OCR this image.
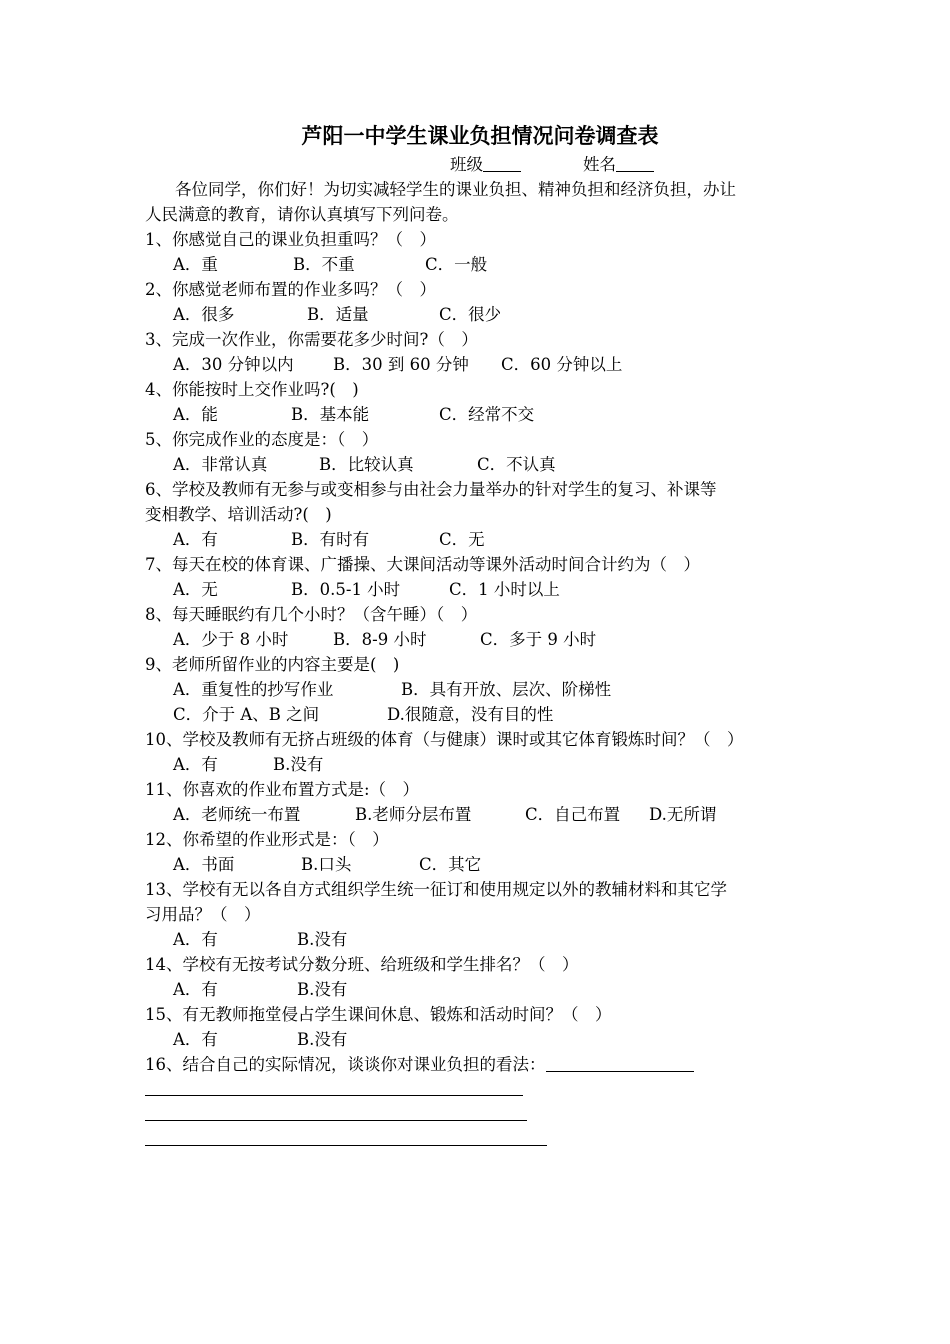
芦阳一中学生课业负担情况问卷调查表
班级	姓名
各位同学，你们好！为切实减轻学生的课业负担、精神负担和经济负担，办让
人民满意的教育，请你认真填写下列问卷。
1、你感觉自己的课业负担重吗？（　）
A．重	B．不重	C．一般
2、你感觉老师布置的作业多吗？（　）
A．很多	B．适量	C．很少
3、完成一次作业，你需要花多少时间?（　）
A．30 分钟以内 B．30 到 60 分钟 C．60 分钟以上
4、你能按时上交作业吗?(　)
A．能	B．基本能	C．经常不交
5、你完成作业的态度是：（　）
A．非常认真	B．比较认真	C．不认真
6、学校及教师有无参与或变相参与由社会力量举办的针对学生的复习、补课等
变相教学、培训活动?(　)
A．有	B．有时有	C．无
7、每天在校的体育课、广播操、大课间活动等课外活动时间合计约为（　）
A．无	B．0.5-1 小时	C．1 小时以上
8、每天睡眠约有几个小时？（含午睡）（　）
A．少于 8 小时	B．8-9 小时	C．多于 9 小时
9、老师所留作业的内容主要是(　)
A．重复性的抄写作业	B．具有开放、层次、阶梯性
C．介于 A、B 之间	D.很随意，没有目的性
10、学校及教师有无挤占班级的体育（与健康）课时或其它体育锻炼时间？（　）
A．有	B.没有
11、你喜欢的作业布置方式是:（　）
A．老师统一布置	B.老师分层布置	C．自己布置 D.无所谓
12、你希望的作业形式是：（　）
A．书面	B.口头	C．其它
13、学校有无以各自方式组织学生统一征订和使用规定以外的教辅材料和其它学
习用品？（　）
A．有	B.没有
14、学校有无按考试分数分班、给班级和学生排名？（　）
A．有	B.没有
15、有无教师拖堂侵占学生课间休息、锻炼和活动时间？（　）
A．有	B.没有
16、结合自己的实际情况，谈谈你对课业负担的看法：
